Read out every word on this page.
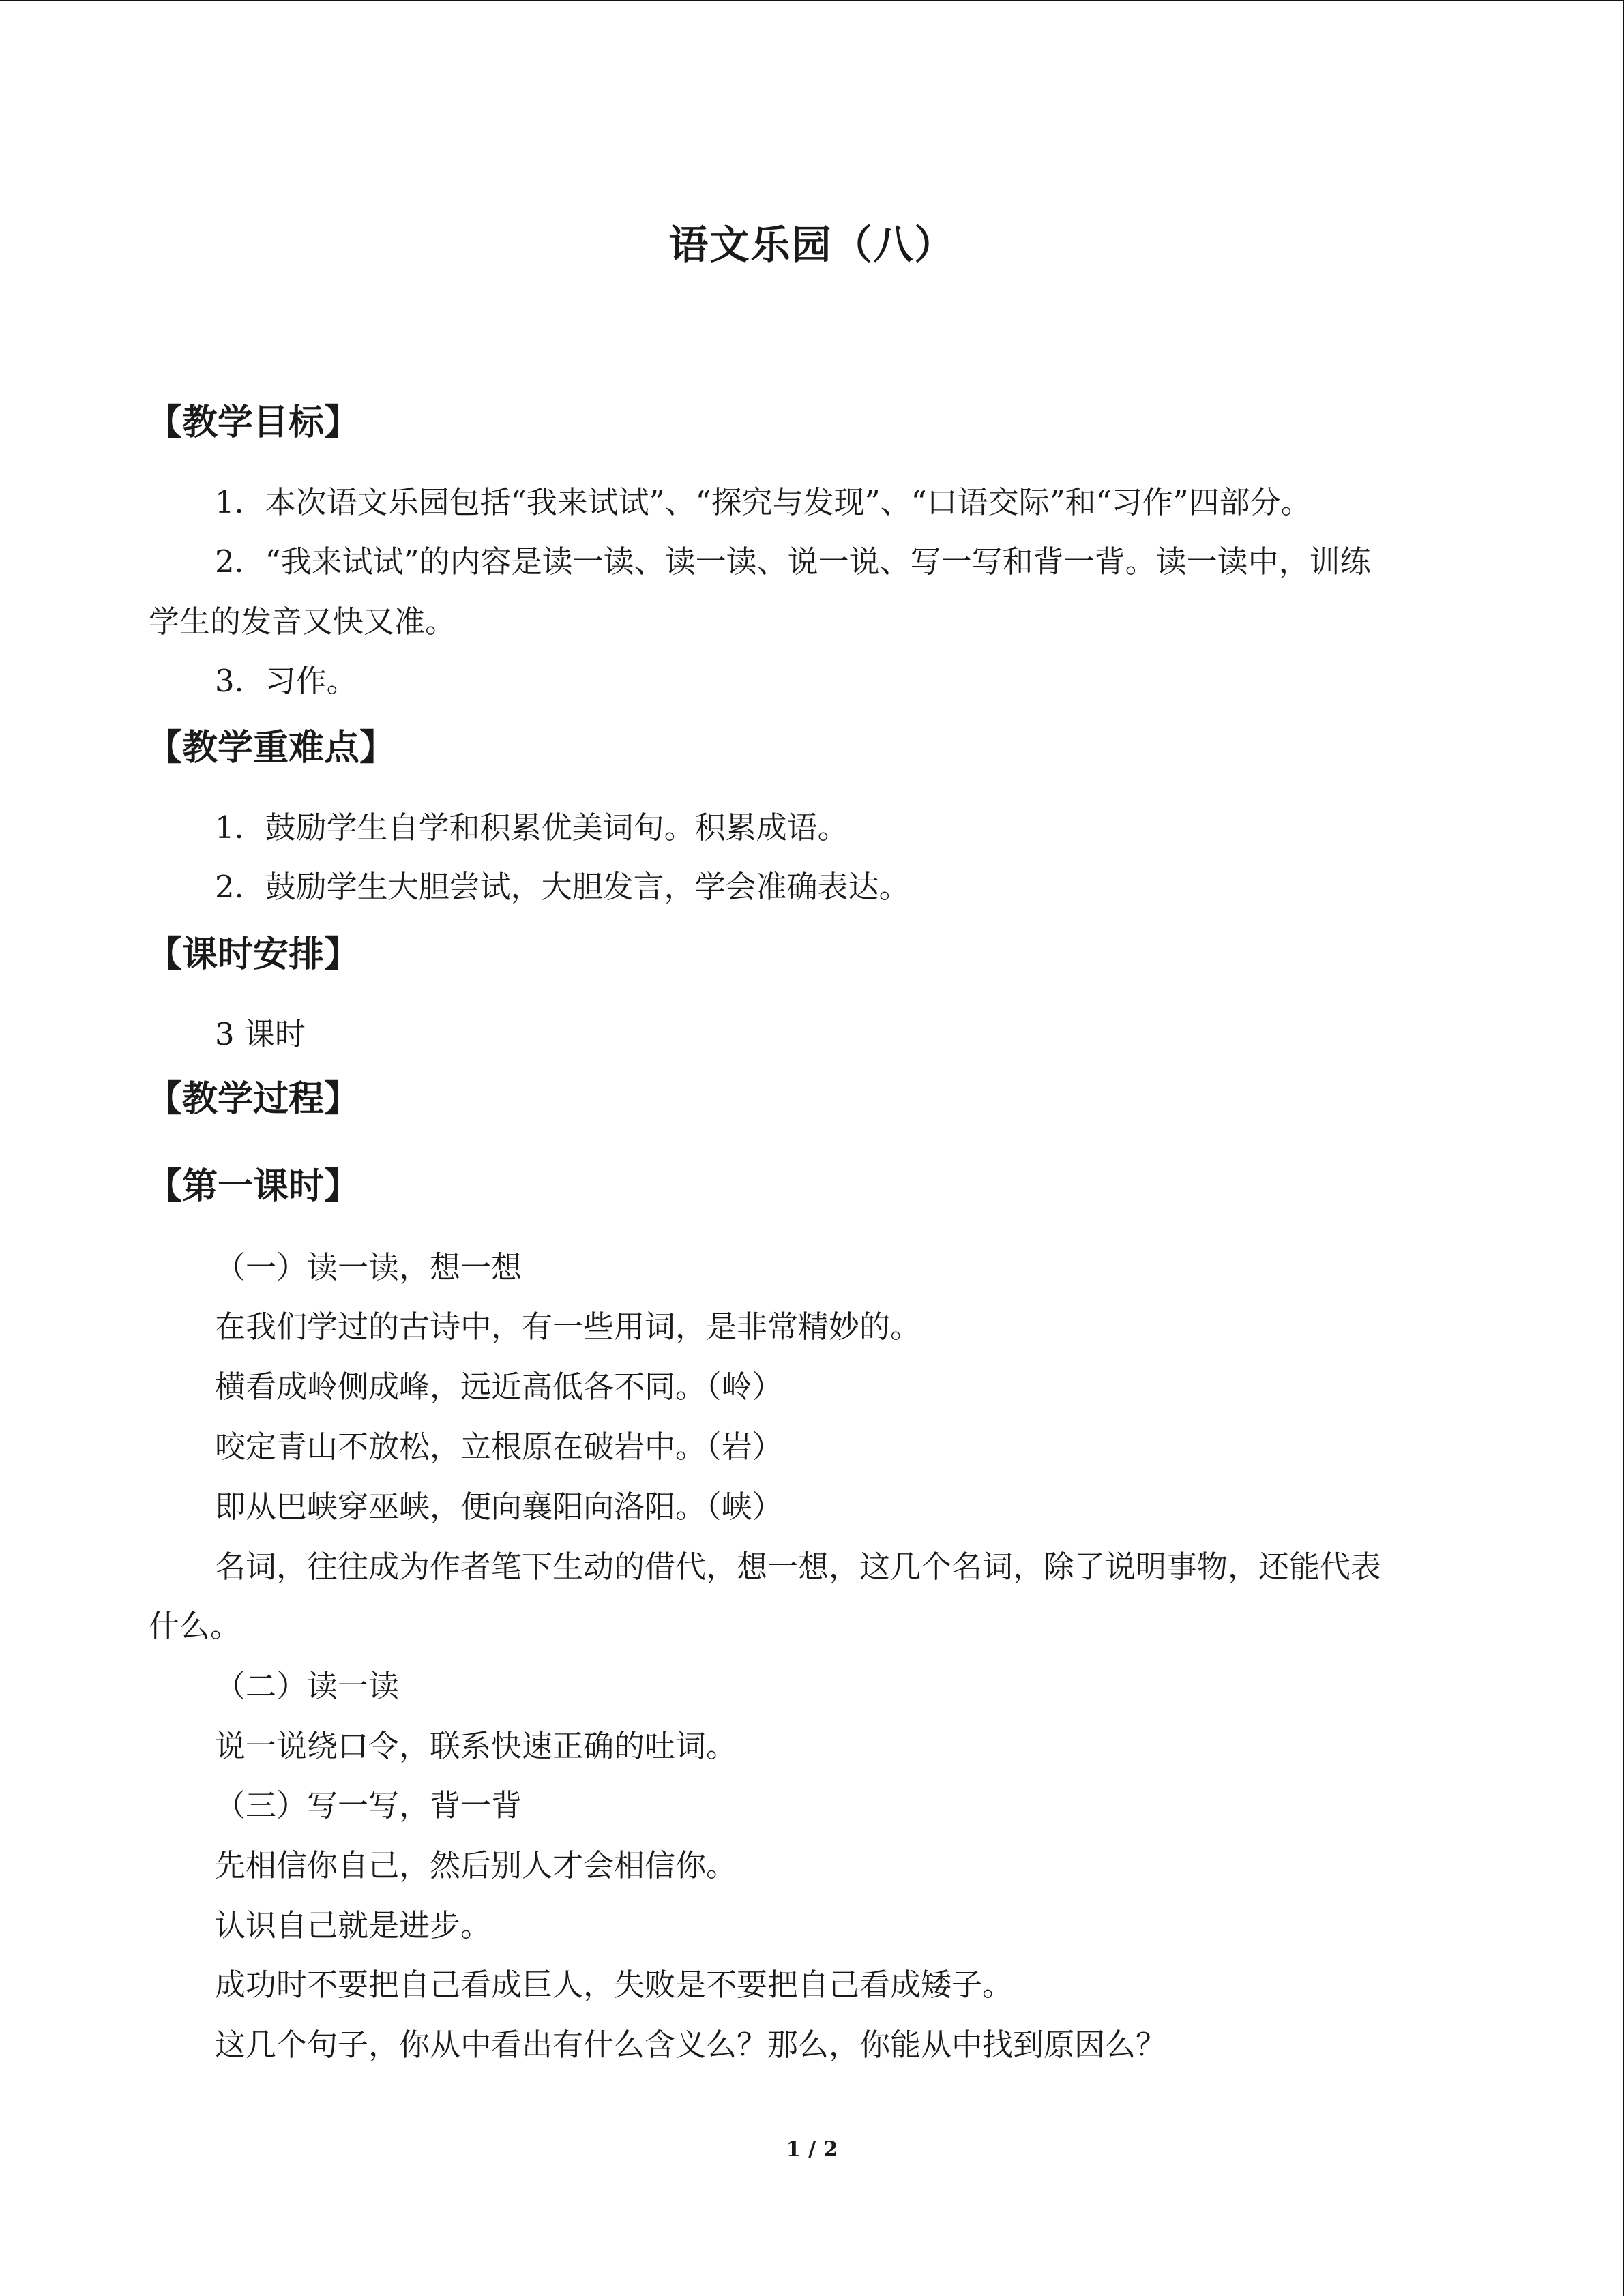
语文乐园（八）
【教学目标】
1．本次语文乐园包括“我来试试”、“探究与发现”、“口语交际”和“习作”四部分。
2．“我来试试”的内容是读一读、读一读、说一说、写一写和背一背。读一读中，训练
学生的发音又快又准。
3．习作。
【教学重难点】
1．鼓励学生自学和积累优美词句。积累成语。
2．鼓励学生大胆尝试，大胆发言，学会准确表达。
【课时安排】
3 课时
【教学过程】
【第一课时】
（一）读一读，想一想
在我们学过的古诗中，有一些用词，是非常精妙的。
横看成岭侧成峰，远近高低各不同。（岭）
咬定青山不放松，立根原在破岩中。（岩）
即从巴峡穿巫峡，便向襄阳向洛阳。（峡）
名词，往往成为作者笔下生动的借代，想一想，这几个名词，除了说明事物，还能代表
什么。
（二）读一读
说一说绕口令，联系快速正确的吐词。
（三）写一写，背一背
先相信你自己，然后别人才会相信你。
认识自己就是进步。
成功时不要把自己看成巨人，失败是不要把自己看成矮子。
这几个句子，你从中看出有什么含义么？那么，你能从中找到原因么？
1 / 2
